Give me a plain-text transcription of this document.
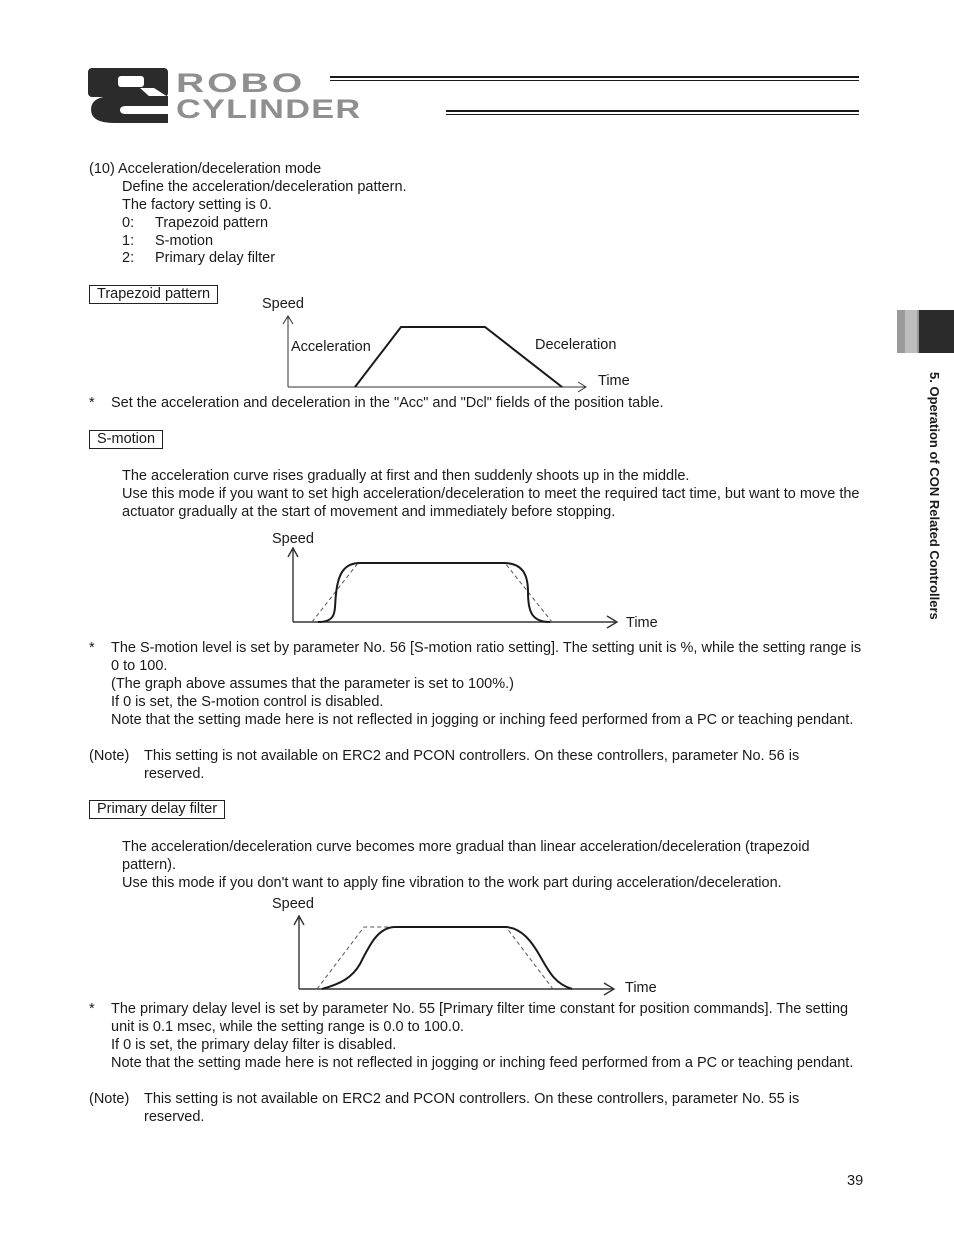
ROBO
CYLINDER
(10) Acceleration/deceleration mode
Define the acceleration/deceleration pattern.
The factory setting is 0.
0: Trapezoid pattern
1: S-motion
2: Primary delay filter
Trapezoid pattern
Speed
Acceleration	Deceleration
Time
* Set the acceleration and deceleration in the "Acc" and "Dcl" fields of the position table.
S-motion
The acceleration curve rises gradually at first and then suddenly shoots up in the middle.
Use this mode if you want to set high acceleration/deceleration to meet the required tact time, but want to move the actuator gradually at the start of movement and immediately before stopping.
Speed
Time
* The S-motion level is set by parameter No. 56 [S-motion ratio setting]. The setting unit is %, while the setting range is 0 to 100.
(The graph above assumes that the parameter is set to 100%.)
If 0 is set, the S-motion control is disabled.
Note that the setting made here is not reflected in jogging or inching feed performed from a PC or teaching pendant.
(Note) This setting is not available on ERC2 and PCON controllers. On these controllers, parameter No. 56 is reserved.
Primary delay filter
The acceleration/deceleration curve becomes more gradual than linear acceleration/deceleration (trapezoid pattern).
Use this mode if you don't want to apply fine vibration to the work part during acceleration/deceleration.
Speed
Time
* The primary delay level is set by parameter No. 55 [Primary filter time constant for position commands]. The setting unit is 0.1 msec, while the setting range is 0.0 to 100.0.
If 0 is set, the primary delay filter is disabled.
Note that the setting made here is not reflected in jogging or inching feed performed from a PC or teaching pendant.
(Note) This setting is not available on ERC2 and PCON controllers. On these controllers, parameter No. 55 is reserved.
5. Operation of CON Related Controllers
39
